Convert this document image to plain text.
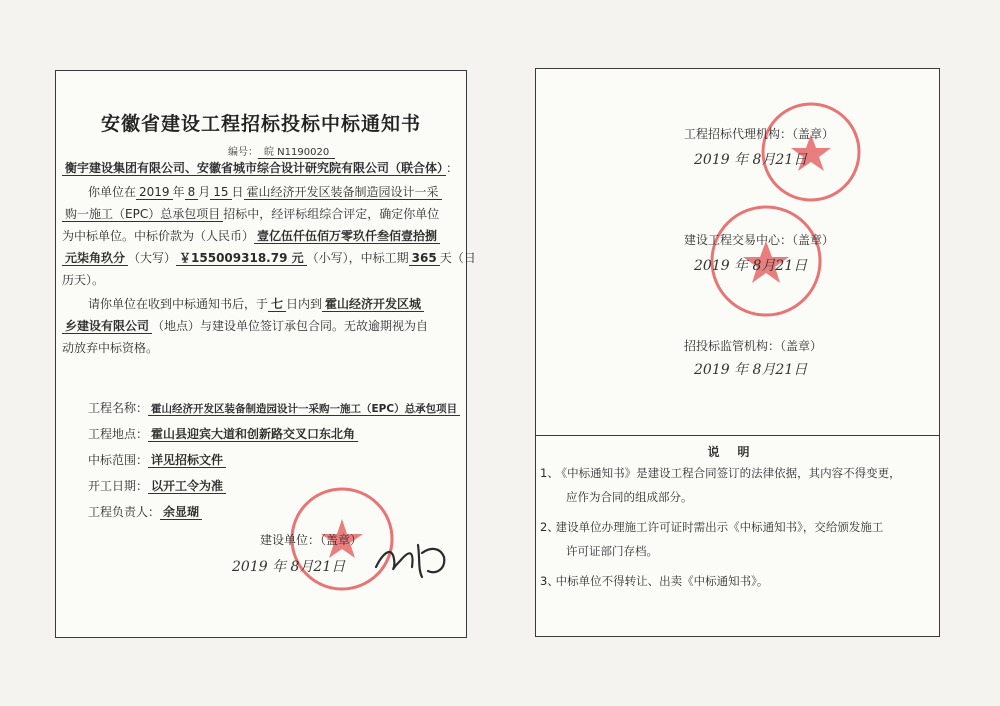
安徽省建设工程招标投标中标通知书
编号： 皖 N1190020
衡宇建设集团有限公司、安徽省城市综合设计研究院有限公司（联合体） ：
你单位在 2019 年 8 月 15 日 霍山经济开发区装备制造园设计一采
购一施工（EPC）总承包项目 招标中，经评标组综合评定，确定你单位
为中标单位。中标价款为（人民币） 壹亿伍仟伍佰万零玖仟叁佰壹拾捌
元柒角玖分 （大写） ￥155009318.79 元 （小写），中标工期 365 天（日
历天）。
请你单位在收到中标通知书后，于 七 日内到 霍山经济开发区城
乡建设有限公司 （地点）与建设单位签订承包合同。无故逾期视为自
动放弃中标资格。
工程名称： 霍山经济开发区装备制造园设计一采购一施工（EPC）总承包项目
工程地点： 霍山县迎宾大道和创新路交叉口东北角
中标范围： 详见招标文件
开工日期： 以开工令为准
工程负责人： 余显瑚
建设单位：（盖章）
2019 年 8月21日
工程招标代理机构：（盖章）
2019 年 8月21日
建设工程交易中心：（盖章）
2019 年 8月21日
招投标监管机构：（盖章）
2019 年 8月21日
说明
1、 《中标通知书》是建设工程合同签订的法律依据，其内容不得变更，
应作为合同的组成部分。
2、 建设单位办理施工许可证时需出示《中标通知书》，交给颁发施工
许可证部门存档。
3、 中标单位不得转让、出卖《中标通知书》。
